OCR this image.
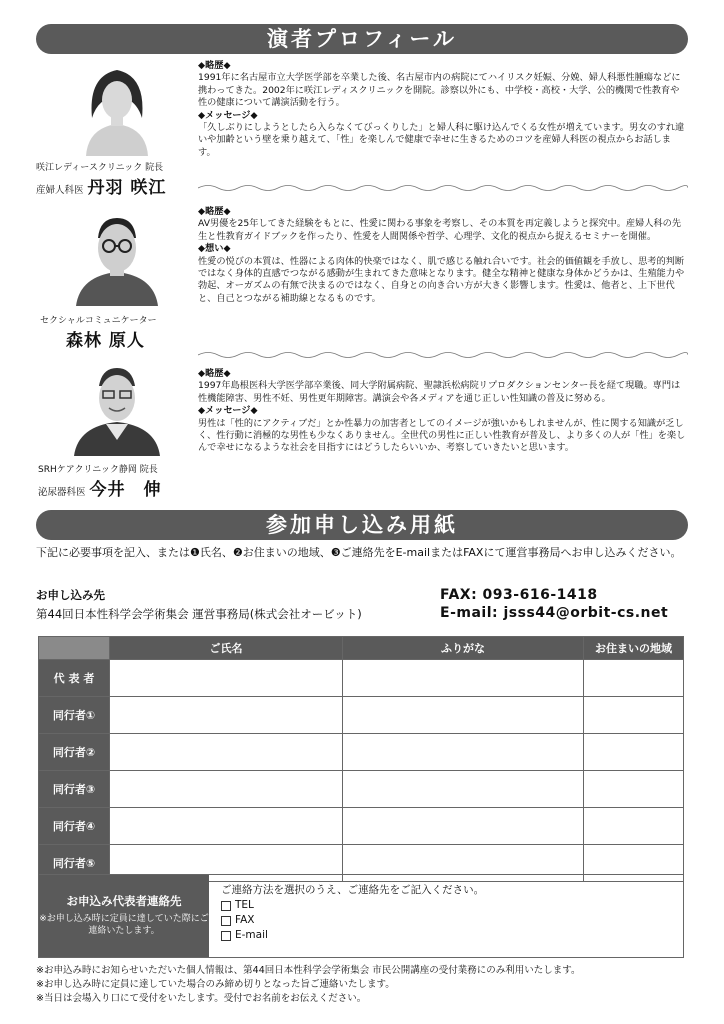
演者プロフィール
咲江レディースクリニック 院長
産婦人科医 丹羽 咲江

◆略歴◆

1991年に名古屋市立大学医学部を卒業した後、名古屋市内の病院にてハイリスク妊娠、分娩、婦人科悪性腫瘍などに携わってきた。2002年に咲江レディスクリニックを開院。診察以外にも、中学校・高校・大学、公的機関で性教育や性の健康について講演活動を行う。

◆メッセージ◆

「久しぶりにしようとしたら入らなくてびっくりした」と婦人科に駆け込んでくる女性が増えています。男女のすれ違いや加齢という壁を乗り越えて、「性」を楽しんで健康で幸せに生きるためのコツを産婦人科医の視点からお話します。

セクシャルコミュニケーター
森林 原人

◆略歴◆

AV男優を25年してきた経験をもとに、性愛に関わる事象を考察し、その本質を再定義しようと探究中。産婦人科の先生と性教育ガイドブックを作ったり、性愛を人間関係や哲学、心理学、文化的視点から捉えるセミナーを開催。

◆想い◆

性愛の悦びの本質は、性器による肉体的快楽ではなく、肌で感じる触れ合いです。社会的価値観を手放し、思考的判断ではなく身体的直感でつながる感動が生まれてきた意味となります。健全な精神と健康な身体かどうかは、生殖能力や勃起、オーガズムの有無で決まるのではなく、自身との向き合い方が大きく影響します。性愛は、他者と、上下世代と、自己とつながる補助線となるものです。

SRHケアクリニック静岡 院長
泌尿器科医 今井　伸

◆略歴◆

1997年島根医科大学医学部卒業後、同大学附属病院、聖隷浜松病院リプロダクションセンター長を経て現職。専門は性機能障害、男性不妊、男性更年期障害。講演会や各メディアを通じ正しい性知識の普及に努める。

◆メッセージ◆

男性は「性的にアクティブだ」とか性暴力の加害者としてのイメージが強いかもしれませんが、性に関する知識が乏しく、性行動に消極的な男性も少なくありません。全世代の男性に正しい性教育が普及し、より多くの人が「性」を楽しんで幸せになるような社会を目指すにはどうしたらいいか、考察していきたいと思います。

参加申し込み用紙
下記に必要事項を記入、または❶氏名、❷お住まいの地域、❸ご連絡先をE-mailまたはFAXにて運営事務局へお申し込みください。
お申し込み先
第44回日本性科学会学術集会 運営事務局(株式会社オービット)
FAX: 093-616-1418
E-mail: jsss44@orbit-cs.net
	ご氏名	ふりがな	お住まいの地域
代 表 者			
同行者①			
同行者②			
同行者③			
同行者④			
同行者⑤			
お申込み代表者連絡先
※お申し込み時に定員に達していた際にご連絡いたします。
ご連絡方法を選択のうえ、ご連絡先をご記入ください。
TEL
FAX
E-mail
※お申込み時にお知らせいただいた個人情報は、第44回日本性科学会学術集会 市民公開講座の受付業務にのみ利用いたします。
※お申し込み時に定員に達していた場合のみ締め切りとなった旨ご連絡いたします。
※当日は会場入り口にて受付をいたします。受付でお名前をお伝えください。
